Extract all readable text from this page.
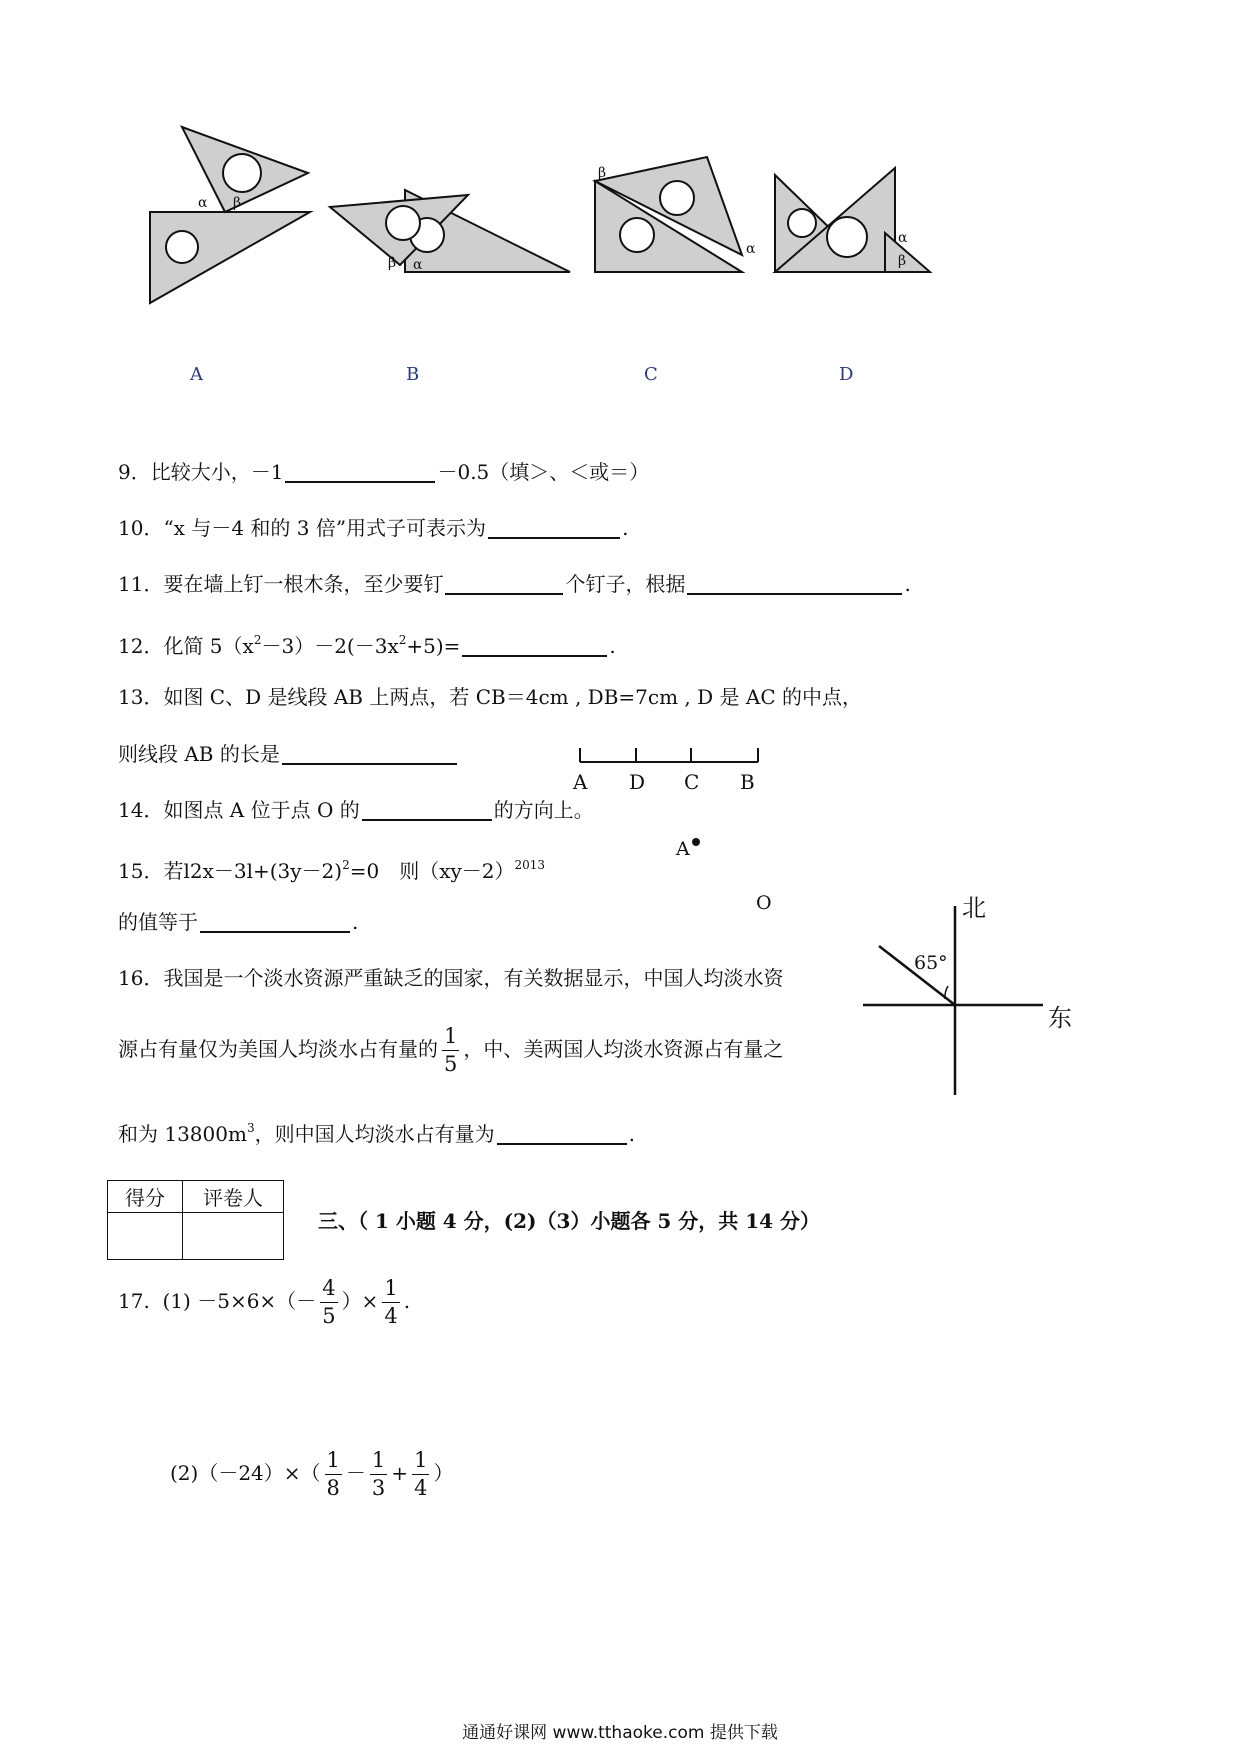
α β
β α
β
α
α
β
A	B	C	D
9．比较大小，－1	－0.5（填＞、＜或＝）
10．“x 与－4 和的 3 倍”用式子可表示为	.
11．要在墙上钉一根木条，至少要钉	个钉子，根据	.
12．化简 $5(x^2-3)-2(-3x^2+5)=$	.
13．如图 C、D 是线段 AB 上两点，若 CB＝4cm , DB=7cm , D 是 AC 的中点，
则线段 AB 的长是
A D C B
14．如图点 A 位于点 O 的	的方向上。
A
O
15．若$l2x-3l+(3y-2)^2=0$　则$(xy-2)^{2013}$
的值等于	.	北
东
65°
16．我国是一个淡水资源严重缺乏的国家，有关数据显示，中国人均淡水资
源占有量仅为美国人均淡水占有量的 $\frac{1}{5}$ ，中、美两国人均淡水资源占有量之
和为 $13800m^3$，则中国人均淡水占有量为	.
得分	评卷人

三、（ 1 小题 4 分，(2)（3）小题各 5 分，共 14 分）
17. $(1) -5\times 6\times(- \frac{4}{5}$ ）× $\frac{1}{4}$ .
$(2)(-24)\times( \frac{1}{8} - \frac{1}{3} + \frac{1}{4}$ ）
通通好课网 www.tthaoke.com 提供下载
